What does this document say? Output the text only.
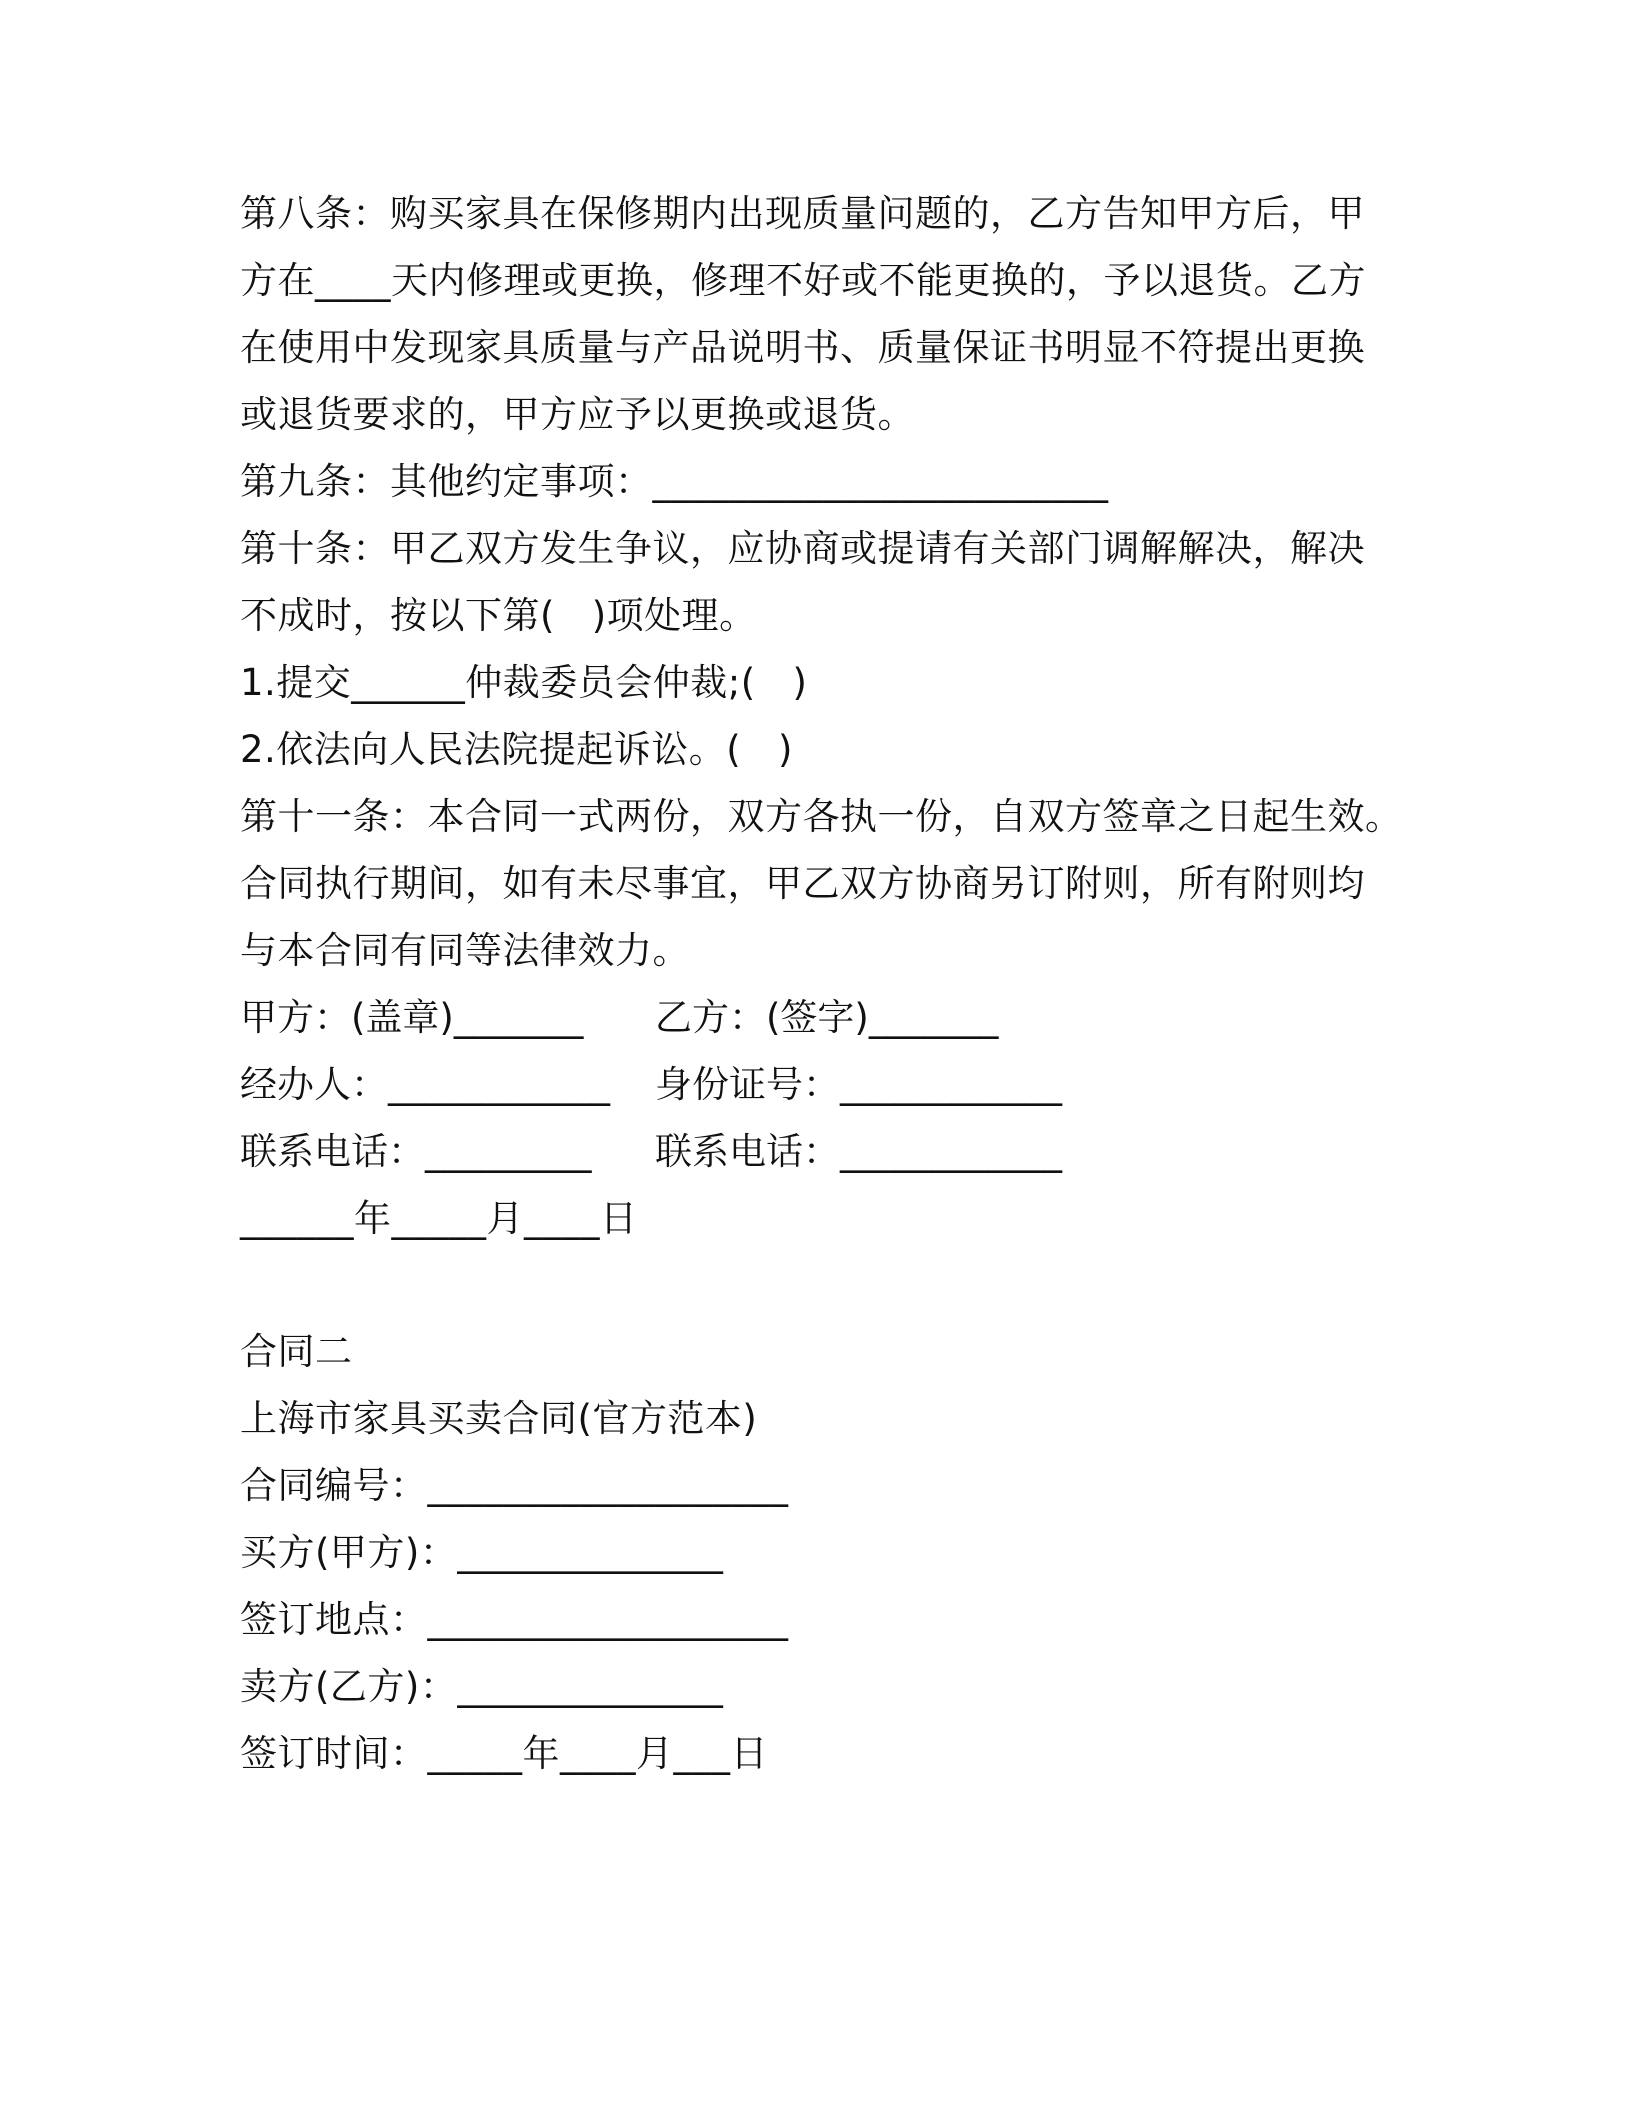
第八条：购买家具在保修期内出现质量问题的，乙方告知甲方后，甲
方在____天内修理或更换，修理不好或不能更换的，予以退货。乙方
在使用中发现家具质量与产品说明书、质量保证书明显不符提出更换
或退货要求的，甲方应予以更换或退货。
第九条：其他约定事项：________________________
第十条：甲乙双方发生争议，应协商或提请有关部门调解解决，解决
不成时，按以下第(   )项处理。
1.提交______仲裁委员会仲裁;(   )
2.依法向人民法院提起诉讼。(   )
第十一条：本合同一式两份，双方各执一份，自双方签章之日起生效。
合同执行期间，如有未尽事宜，甲乙双方协商另订附则，所有附则均
与本合同有同等法律效力。
甲方：(盖章)_______	乙方：(签字)_______
经办人：____________	身份证号：____________
联系电话：_________	联系电话：____________
______年_____月____日
合同二
上海市家具买卖合同(官方范本)
合同编号：___________________
买方(甲方)：______________
签订地点：___________________
卖方(乙方)：______________
签订时间：_____年____月___日
